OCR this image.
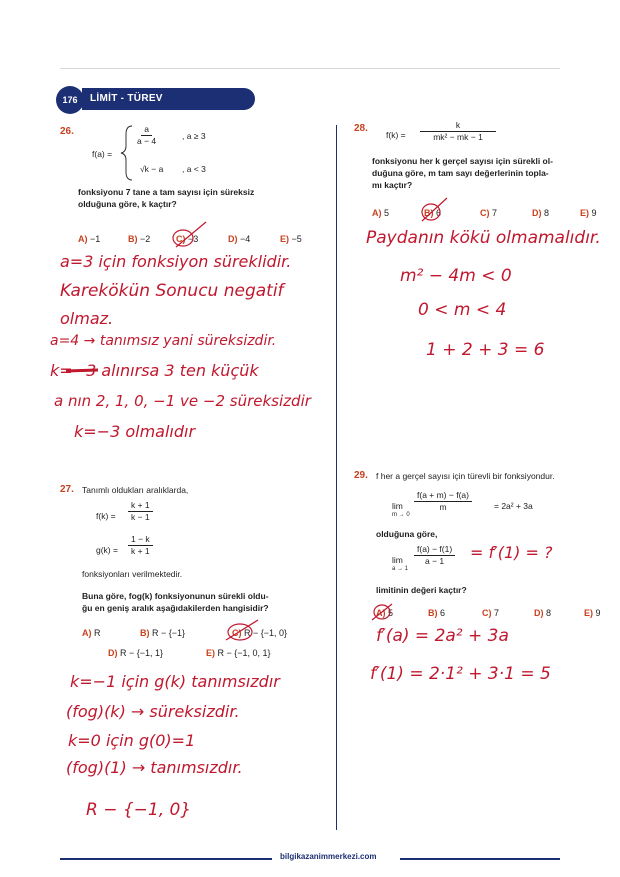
LİMİT - TÜREV
176
26.
f(a) =
$\frac{a}{a - 4}$	, a ≥ 3
√k − a , a < 3
fonksiyonu 7 tane a tam sayısı için süreksiz
olduğuna göre, k kaçtır?
A) −1	B) −2	C) −3	D) −4	E) −5
a=3 için fonksiyon süreklidir.
Karekökün Sonucu negatif
olmaz.
a=4 → tanımsız yani süreksizdir.
k=−3 alınırsa 3 ten küçük
a nın 2, 1, 0, −1 ve −2 süreksizdir
k=−3 olmalıdır
28.
$f(k) = \frac{k}{\text{mk² − mk − 1}}$
fonksiyonu her k gerçel sayısı için sürekli ol-
duğuna göre, m tam sayı değerlerinin topla-
mı kaçtır?
A) 5	B) 6	C) 7	D) 8	E) 9
Paydanın kökü olmamalıdır.
m² − 4m < 0
0 < m < 4
1 + 2 + 3 = 6
27. Tanımlı oldukları aralıklarda,
$f(k) = \frac{k + 1}{k - 1}$
$g(k) = \frac{1 - k}{k + 1}$
fonksiyonları verilmektedir.
Buna göre, fog(k) fonksiyonunun sürekli oldu-
ğu en geniş aralık aşağıdakilerden hangisidir?
A) R	B) R − {−1}	C) R − {−1, 0}
D) R − {−1, 1}	E) R − {−1, 0, 1}
k=−1 için g(k) tanımsızdır
(fog)(k) → süreksizdir.
k=0 için g(0)=1
(fog)(1) → tanımsızdır.
R − {−1, 0}
29. f her a gerçel sayısı için türevli bir fonksiyondur.
lim
m → 0
$\frac{f(a + m) - f(a)}{m}$	= 2a² + 3a
olduğuna göre,
lim
a → 1
$\frac{f(a) - f(1)}{a - 1} = f'(1)$ = ?
limitinin değeri kaçtır?
A) 5	B) 6	C) 7	D) 8	E) 9
f′(a) = 2a² + 3a
f′(1) = 2·1² + 3·1 = 5
bilgikazanimmerkezi.com
